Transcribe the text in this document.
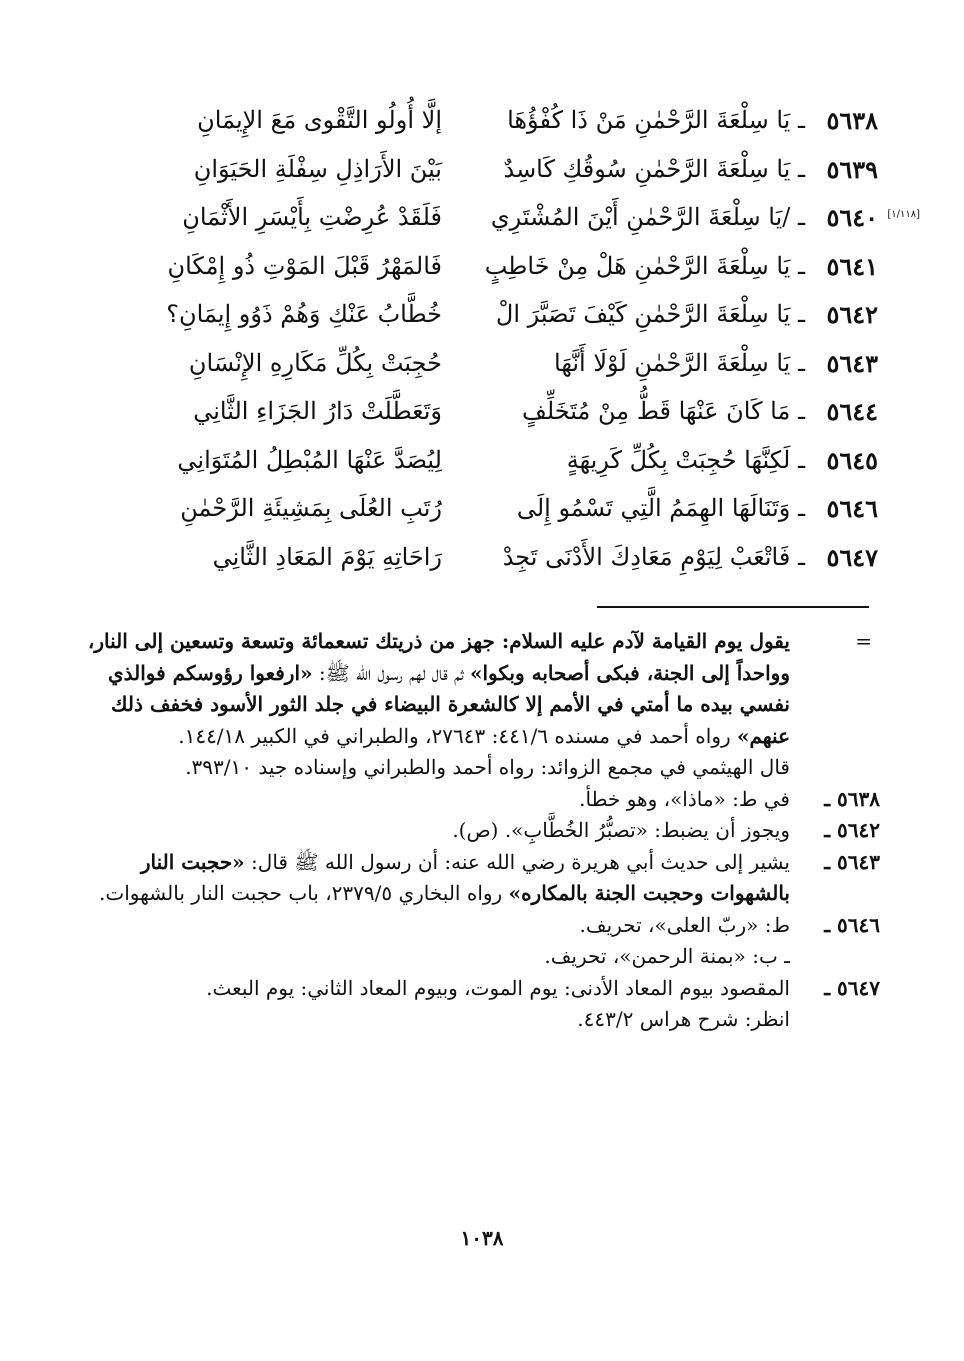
٥٦٣٨
ـ يَا سِلْعَةَ الرَّحْمٰنِ مَنْ ذَا كُفْؤُهَا
إلَّا أُولُو التَّقْوى مَعَ الإِيمَانِ
٥٦٣٩
ـ يَا سِلْعَةَ الرَّحْمٰنِ سُوقُكِ كَاسِدٌ
بَيْنَ الأَرَاذِلِ سِفْلَةِ الحَيَوَانِ
[١/١١٨]
٥٦٤٠
ـ /يَا سِلْعَةَ الرَّحْمٰنِ أَيْنَ المُشْتَرِي
فَلَقَدْ عُرِضْتِ بِأَيْسَرِ الأَثْمَانِ
٥٦٤١
ـ يَا سِلْعَةَ الرَّحْمٰنِ هَلْ مِنْ خَاطِبٍ
فَالمَهْرُ قَبْلَ المَوْتِ ذُو إِمْكَانِ
٥٦٤٢
ـ يَا سِلْعَةَ الرَّحْمٰنِ كَيْفَ تَصَبَّرَ الْ
خُطَّابُ عَنْكِ وَهُمْ ذَوُو إِيمَانِ؟
٥٦٤٣
ـ يَا سِلْعَةَ الرَّحْمٰنِ لَوْلَا أَنَّهَا
حُجِبَتْ بِكُلِّ مَكَارِهِ الإِنْسَانِ
٥٦٤٤
ـ مَا كَانَ عَنْهَا قَطُّ مِنْ مُتَخَلِّفٍ
وَتَعَطَّلَتْ دَارُ الجَزَاءِ الثَّانِي
٥٦٤٥
ـ لَكِنَّهَا حُجِبَتْ بِكُلِّ كَرِيهَةٍ
لِيُصَدَّ عَنْهَا المُبْطِلُ المُتَوَانِي
٥٦٤٦
ـ وَتَنَالَهَا الهِمَمُ الَّتِي تَسْمُو إِلَى
رُتَبِ العُلَى بِمَشِيئَةِ الرَّحْمٰنِ
٥٦٤٧
ـ فَاتْعَبْ لِيَوْمِ مَعَادِكَ الأَدْنَى تَجِدْ
رَاحَاتِهِ يَوْمَ المَعَادِ الثَّانِي
=
يقول يوم القيامة لآدم عليه السلام: جهز من ذريتك تسعمائة وتسعة وتسعين إلى النار، وواحداً إلى الجنة، فبكى أصحابه وبكوا» ثم قال لهم رسول الله ﷺ: «ارفعوا رؤوسكم فوالذي نفسي بيده ما أمتي في الأمم إلا كالشعرة البيضاء في جلد الثور الأسود فخفف ذلك عنهم» رواه أحمد في مسنده ٤٤١/٦: ٢٧٦٤٣، والطبراني في الكبير ١٤٤/١٨.
قال الهيثمي في مجمع الزوائد: رواه أحمد والطبراني وإسناده جيد ٣٩٣/١٠.
٥٦٣٨ ـ
في ط: «ماذا»، وهو خطأ.
٥٦٤٢ ـ
ويجوز أن يضبط: «تصبُّرُ الخُطَّابِ». (ص).
٥٦٤٣ ـ
يشير إلى حديث أبي هريرة رضي الله عنه: أن رسول الله ﷺ قال: «حجبت النار بالشهوات وحجبت الجنة بالمكاره» رواه البخاري ٢٣٧٩/٥، باب حجبت النار بالشهوات.
٥٦٤٦ ـ
ط: «ربّ العلى»، تحريف.
ـ ب: «بمنة الرحمن»، تحريف.
٥٦٤٧ ـ
المقصود بيوم المعاد الأدنى: يوم الموت، وبيوم المعاد الثاني: يوم البعث.
انظر: شرح هراس ٤٤٣/٢.
١٠٣٨
